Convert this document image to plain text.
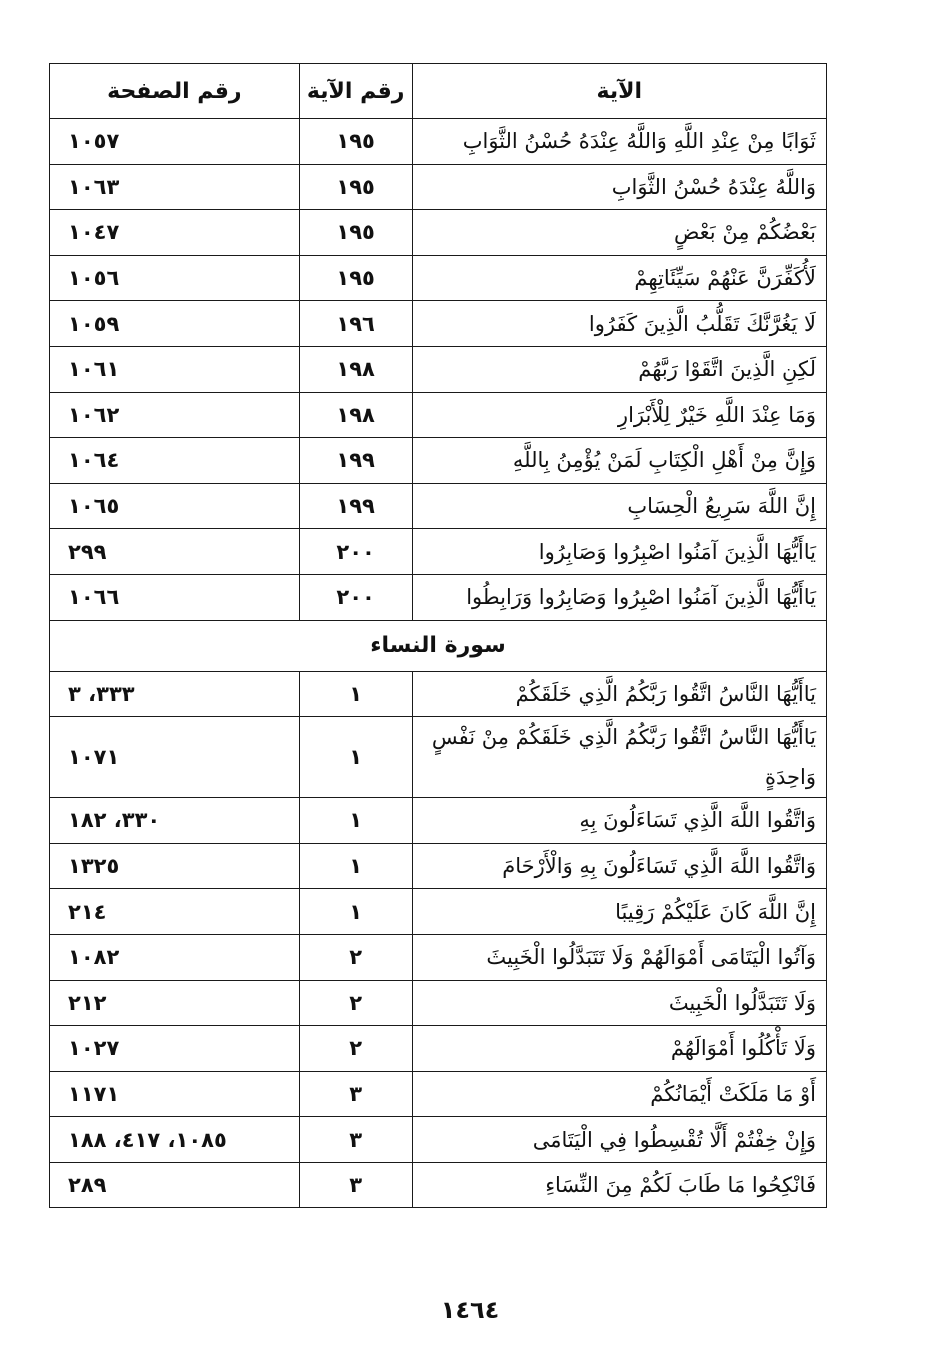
الآية	رقم الآية	رقم الصفحة
ثَوَابًا مِنْ عِنْدِ اللَّهِ وَاللَّهُ عِنْدَهُ حُسْنُ الثَّوَابِ	١٩٥	١٠٥٧
وَاللَّهُ عِنْدَهُ حُسْنُ الثَّوَابِ	١٩٥	١٠٦٣
بَعْضُكُمْ مِنْ بَعْضٍ	١٩٥	١٠٤٧
لَأُكَفِّرَنَّ عَنْهُمْ سَيِّئَاتِهِمْ	١٩٥	١٠٥٦
لَا يَغُرَّنَّكَ تَقَلُّبُ الَّذِينَ كَفَرُوا	١٩٦	١٠٥٩
لَكِنِ الَّذِينَ اتَّقَوْا رَبَّهُمْ	١٩٨	١٠٦١
وَمَا عِنْدَ اللَّهِ خَيْرٌ لِلْأَبْرَارِ	١٩٨	١٠٦٢
وَإِنَّ مِنْ أَهْلِ الْكِتَابِ لَمَنْ يُؤْمِنُ بِاللَّهِ	١٩٩	١٠٦٤
إِنَّ اللَّهَ سَرِيعُ الْحِسَابِ	١٩٩	١٠٦٥
يَاأَيُّهَا الَّذِينَ آمَنُوا اصْبِرُوا وَصَابِرُوا	٢٠٠	٢٩٩
يَاأَيُّهَا الَّذِينَ آمَنُوا اصْبِرُوا وَصَابِرُوا وَرَابِطُوا	٢٠٠	١٠٦٦
سورة النساء		
يَاأَيُّهَا النَّاسُ اتَّقُوا رَبَّكُمُ الَّذِي خَلَقَكُمْ	١	٣٣٣، ٣
يَاأَيُّهَا النَّاسُ اتَّقُوا رَبَّكُمُ الَّذِي خَلَقَكُمْ مِنْ نَفْسٍ	١	١٠٧١
وَاحِدَةٍ		
وَاتَّقُوا اللَّهَ الَّذِي تَسَاءَلُونَ بِهِ	١	٣٣٠، ١٨٢
وَاتَّقُوا اللَّهَ الَّذِي تَسَاءَلُونَ بِهِ وَالْأَرْحَامَ	١	١٣٢٥
إِنَّ اللَّهَ كَانَ عَلَيْكُمْ رَقِيبًا	١	٢١٤
وَآتُوا الْيَتَامَى أَمْوَالَهُمْ وَلَا تَتَبَدَّلُوا الْخَبِيثَ	٢	١٠٨٢
وَلَا تَتَبَدَّلُوا الْخَبِيثَ	٢	٢١٢
وَلَا تَأْكُلُوا أَمْوَالَهُمْ	٢	١٠٢٧
أَوْ مَا مَلَكَتْ أَيْمَانُكُمْ	٣	١١٧١
وَإِنْ خِفْتُمْ أَلَّا تُقْسِطُوا فِي الْيَتَامَى	٣	١٠٨٥، ٤١٧، ١٨٨
فَانْكِحُوا مَا طَابَ لَكُمْ مِنَ النِّسَاءِ	٣	٢٨٩
١٤٦٤
